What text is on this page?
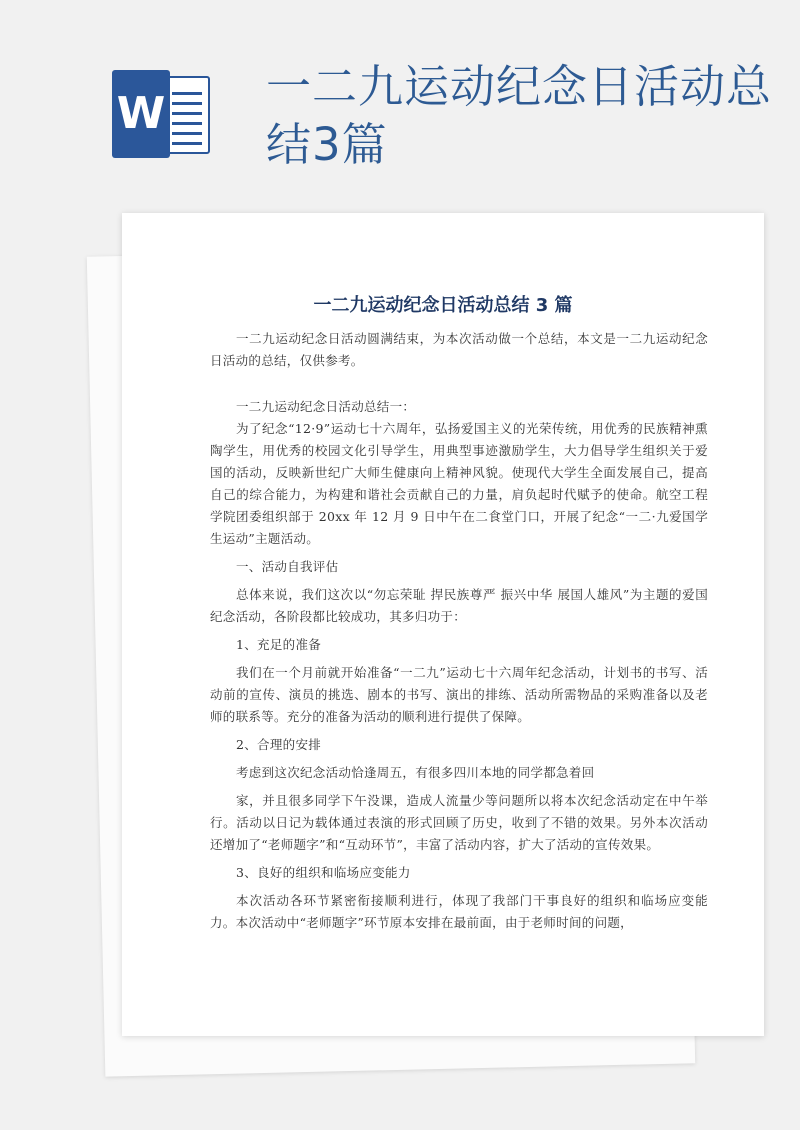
W
一二九运动纪念日活动总结3篇
一二九运动纪念日活动总结 3 篇

一二九运动纪念日活动圆满结束，为本次活动做一个总结，本文是一二九运动纪念日活动的总结，仅供参考。

一二九运动纪念日活动总结一：

为了纪念“12·9”运动七十六周年，弘扬爱国主义的光荣传统，用优秀的民族精神熏陶学生，用优秀的校园文化引导学生，用典型事迹激励学生，大力倡导学生组织关于爱国的活动，反映新世纪广大师生健康向上精神风貌。使现代大学生全面发展自己，提高自己的综合能力，为构建和谐社会贡献自己的力量，肩负起时代赋予的使命。航空工程学院团委组织部于 20xx 年 12 月 9 日中午在二食堂门口，开展了纪念“一二·九爱国学生运动”主题活动。

一、活动自我评估

总体来说，我们这次以“勿忘荣耻 捍民族尊严 振兴中华 展国人雄风”为主题的爱国纪念活动，各阶段都比较成功，其多归功于：

1、充足的准备

我们在一个月前就开始准备“一二九”运动七十六周年纪念活动，计划书的书写、活动前的宣传、演员的挑选、剧本的书写、演出的排练、活动所需物品的采购准备以及老师的联系等。充分的准备为活动的顺利进行提供了保障。

2、合理的安排

考虑到这次纪念活动恰逢周五，有很多四川本地的同学都急着回

家，并且很多同学下午没课，造成人流量少等问题所以将本次纪念活动定在中午举行。活动以日记为载体通过表演的形式回顾了历史，收到了不错的效果。另外本次活动还增加了“老师题字”和“互动环节”，丰富了活动内容，扩大了活动的宣传效果。

3、良好的组织和临场应变能力

本次活动各环节紧密衔接顺利进行，体现了我部门干事良好的组织和临场应变能力。本次活动中“老师题字”环节原本安排在最前面，由于老师时间的问题，
